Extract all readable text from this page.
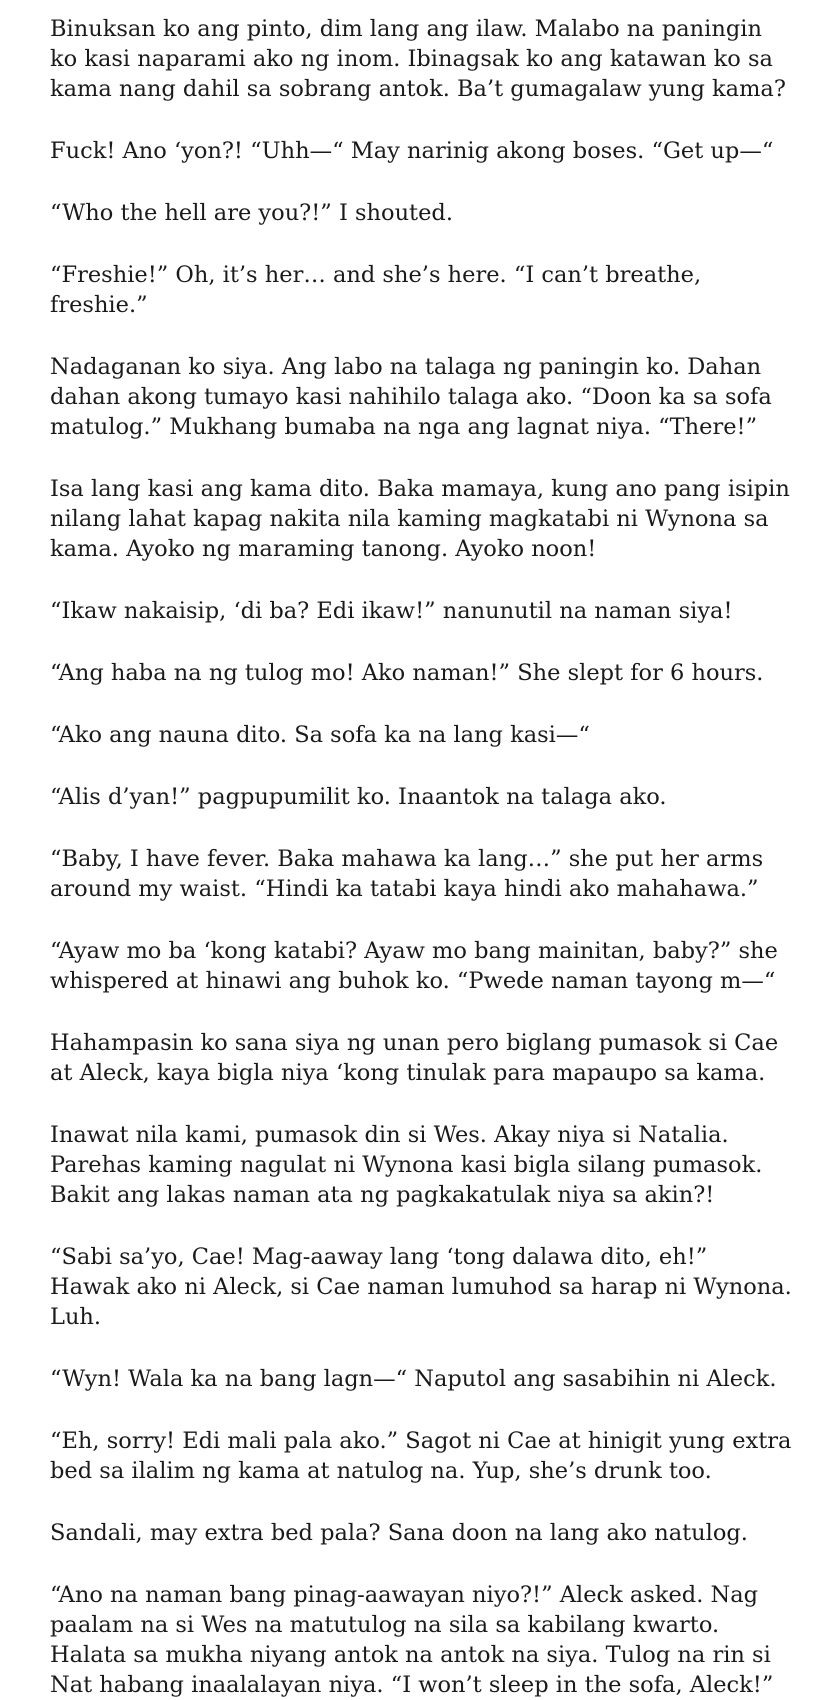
Binuksan ko ang pinto, dim lang ang ilaw. Malabo na paningin ko kasi naparami ako ng inom. Ibinagsak ko ang katawan ko sa kama nang dahil sa sobrang antok. Ba’t gumagalaw yung kama?

Fuck! Ano ‘yon?! “Uhh—“ May narinig akong boses. “Get up—“

“Who the hell are you?!” I shouted.

“Freshie!” Oh, it’s her… and she’s here. “I can’t breathe, freshie.”

Nadaganan ko siya. Ang labo na talaga ng paningin ko. Dahan dahan akong tumayo kasi nahihilo talaga ako. “Doon ka sa sofa matulog.” Mukhang bumaba na nga ang lagnat niya. “There!”

Isa lang kasi ang kama dito. Baka mamaya, kung ano pang isipin nilang lahat kapag nakita nila kaming magkatabi ni Wynona sa kama. Ayoko ng maraming tanong. Ayoko noon!

“Ikaw nakaisip, ‘di ba? Edi ikaw!” nanunutil na naman siya!

“Ang haba na ng tulog mo! Ako naman!” She slept for 6 hours.

“Ako ang nauna dito. Sa sofa ka na lang kasi—“

“Alis d’yan!” pagpupumilit ko. Inaantok na talaga ako.

“Baby, I have fever. Baka mahawa ka lang…” she put her arms around my waist. “Hindi ka tatabi kaya hindi ako mahahawa.”

“Ayaw mo ba ‘kong katabi? Ayaw mo bang mainitan, baby?” she whispered at hinawi ang buhok ko. “Pwede naman tayong m—“

Hahampasin ko sana siya ng unan pero biglang pumasok si Cae at Aleck, kaya bigla niya ‘kong tinulak para mapaupo sa kama.

Inawat nila kami, pumasok din si Wes. Akay niya si Natalia. Parehas kaming nagulat ni Wynona kasi bigla silang pumasok. Bakit ang lakas naman ata ng pagkakatulak niya sa akin?!

“Sabi sa’yo, Cae! Mag-aaway lang ‘tong dalawa dito, eh!” Hawak ako ni Aleck, si Cae naman lumuhod sa harap ni Wynona. Luh.

“Wyn! Wala ka na bang lagn—“ Naputol ang sasabihin ni Aleck.

“Eh, sorry! Edi mali pala ako.” Sagot ni Cae at hinigit yung extra bed sa ilalim ng kama at natulog na. Yup, she’s drunk too.

Sandali, may extra bed pala? Sana doon na lang ako natulog.

“Ano na naman bang pinag-aawayan niyo?!” Aleck asked. Nag paalam na si Wes na matutulog na sila sa kabilang kwarto. Halata sa mukha niyang antok na antok na siya. Tulog na rin si Nat habang inaalalayan niya. “I won’t sleep in the sofa, Aleck!”
